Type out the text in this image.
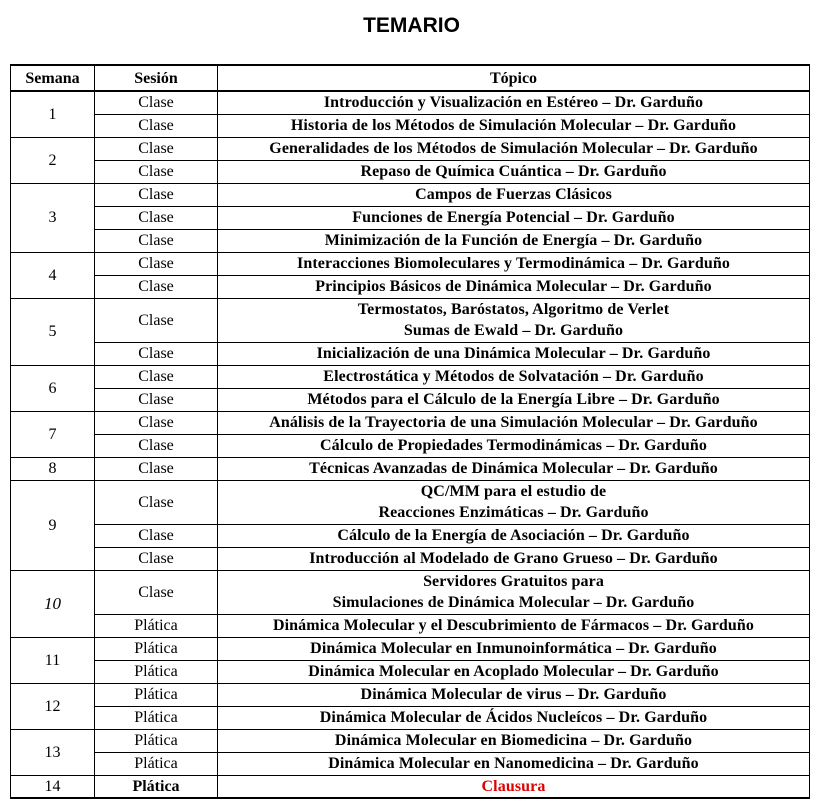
TEMARIO
Semana	Sesión	Tópico
1	Clase	Introducción y Visualización en Estéreo – Dr. Garduño
	Clase	Historia de los Métodos de Simulación Molecular – Dr. Garduño
2	Clase	Generalidades de los Métodos de Simulación Molecular – Dr. Garduño
	Clase	Repaso de Química Cuántica – Dr. Garduño
3	Clase	Campos de Fuerzas Clásicos
	Clase	Funciones de Energía Potencial – Dr. Garduño
	Clase	Minimización de la Función de Energía – Dr. Garduño
4	Clase	Interacciones Biomoleculares y Termodinámica – Dr. Garduño
	Clase	Principios Básicos de Dinámica Molecular – Dr. Garduño
5	Clase	Termostatos, Baróstatos, Algoritmo de Verlet
Sumas de Ewald – Dr. Garduño

	Clase	Inicialización de una Dinámica Molecular – Dr. Garduño
6	Clase	Electrostática y Métodos de Solvatación – Dr. Garduño
	Clase	Métodos para el Cálculo de la Energía Libre – Dr. Garduño
7	Clase	Análisis de la Trayectoria de una Simulación Molecular – Dr. Garduño
	Clase	Cálculo de Propiedades Termodinámicas – Dr. Garduño
8	Clase	Técnicas Avanzadas de Dinámica Molecular – Dr. Garduño
9	Clase	QC/MM para el estudio de
Reacciones Enzimáticas – Dr. Garduño

	Clase	Cálculo de la Energía de Asociación – Dr. Garduño
	Clase	Introducción al Modelado de Grano Grueso – Dr. Garduño
10	Clase	Servidores Gratuitos para
Simulaciones de Dinámica Molecular – Dr. Garduño

	Plática	Dinámica Molecular y el Descubrimiento de Fármacos – Dr. Garduño
11	Plática	Dinámica Molecular en Inmunoinformática – Dr. Garduño
	Plática	Dinámica Molecular en Acoplado Molecular – Dr. Garduño
12	Plática	Dinámica Molecular de virus – Dr. Garduño
	Plática	Dinámica Molecular de Ácidos Nucleícos – Dr. Garduño
13	Plática	Dinámica Molecular en Biomedicina – Dr. Garduño
	Plática	Dinámica Molecular en Nanomedicina – Dr. Garduño
14	Plática	Clausura
